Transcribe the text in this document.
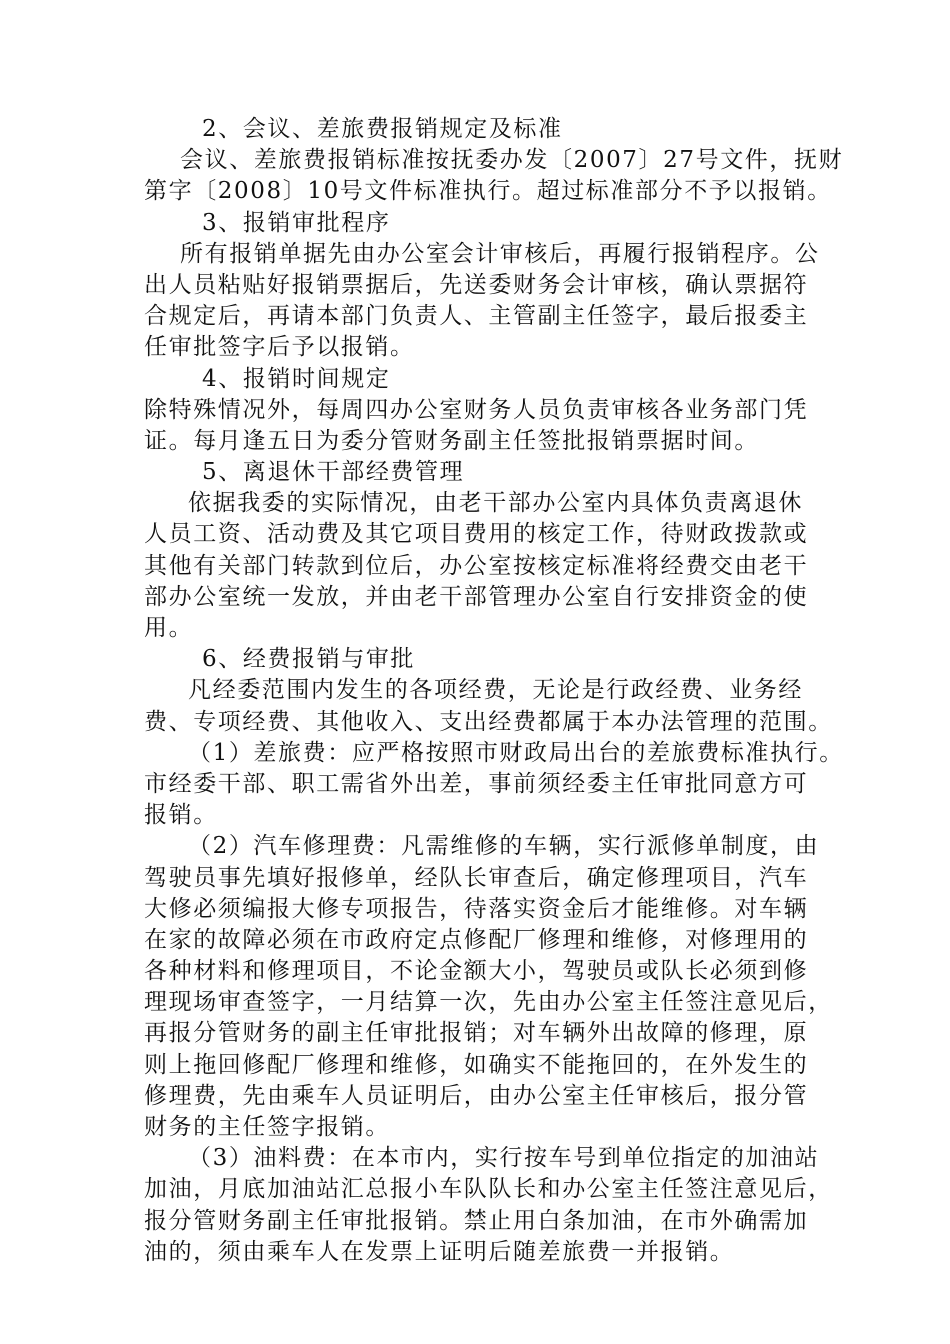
2、会议、差旅费报销规定及标准
会议、差旅费报销标准按抚委办发〔2007〕27号文件，抚财
第字〔2008〕10号文件标准执行。超过标准部分不予以报销。
3、报销审批程序
所有报销单据先由办公室会计审核后，再履行报销程序。公
出人员粘贴好报销票据后，先送委财务会计审核，确认票据符
合规定后，再请本部门负责人、主管副主任签字，最后报委主
任审批签字后予以报销。
4、报销时间规定
除特殊情况外，每周四办公室财务人员负责审核各业务部门凭
证。每月逢五日为委分管财务副主任签批报销票据时间。
5、离退休干部经费管理
依据我委的实际情况，由老干部办公室内具体负责离退休
人员工资、活动费及其它项目费用的核定工作，待财政拨款或
其他有关部门转款到位后，办公室按核定标准将经费交由老干
部办公室统一发放，并由老干部管理办公室自行安排资金的使
用。
6、经费报销与审批
凡经委范围内发生的各项经费，无论是行政经费、业务经
费、专项经费、其他收入、支出经费都属于本办法管理的范围。
（1）差旅费：应严格按照市财政局出台的差旅费标准执行。
市经委干部、职工需省外出差，事前须经委主任审批同意方可
报销。
（2）汽车修理费：凡需维修的车辆，实行派修单制度，由
驾驶员事先填好报修单，经队长审查后，确定修理项目，汽车
大修必须编报大修专项报告，待落实资金后才能维修。对车辆
在家的故障必须在市政府定点修配厂修理和维修，对修理用的
各种材料和修理项目，不论金额大小，驾驶员或队长必须到修
理现场审查签字，一月结算一次，先由办公室主任签注意见后，
再报分管财务的副主任审批报销；对车辆外出故障的修理，原
则上拖回修配厂修理和维修，如确实不能拖回的，在外发生的
修理费，先由乘车人员证明后，由办公室主任审核后，报分管
财务的主任签字报销。
（3）油料费：在本市内，实行按车号到单位指定的加油站
加油，月底加油站汇总报小车队队长和办公室主任签注意见后，
报分管财务副主任审批报销。禁止用白条加油，在市外确需加
油的，须由乘车人在发票上证明后随差旅费一并报销。
